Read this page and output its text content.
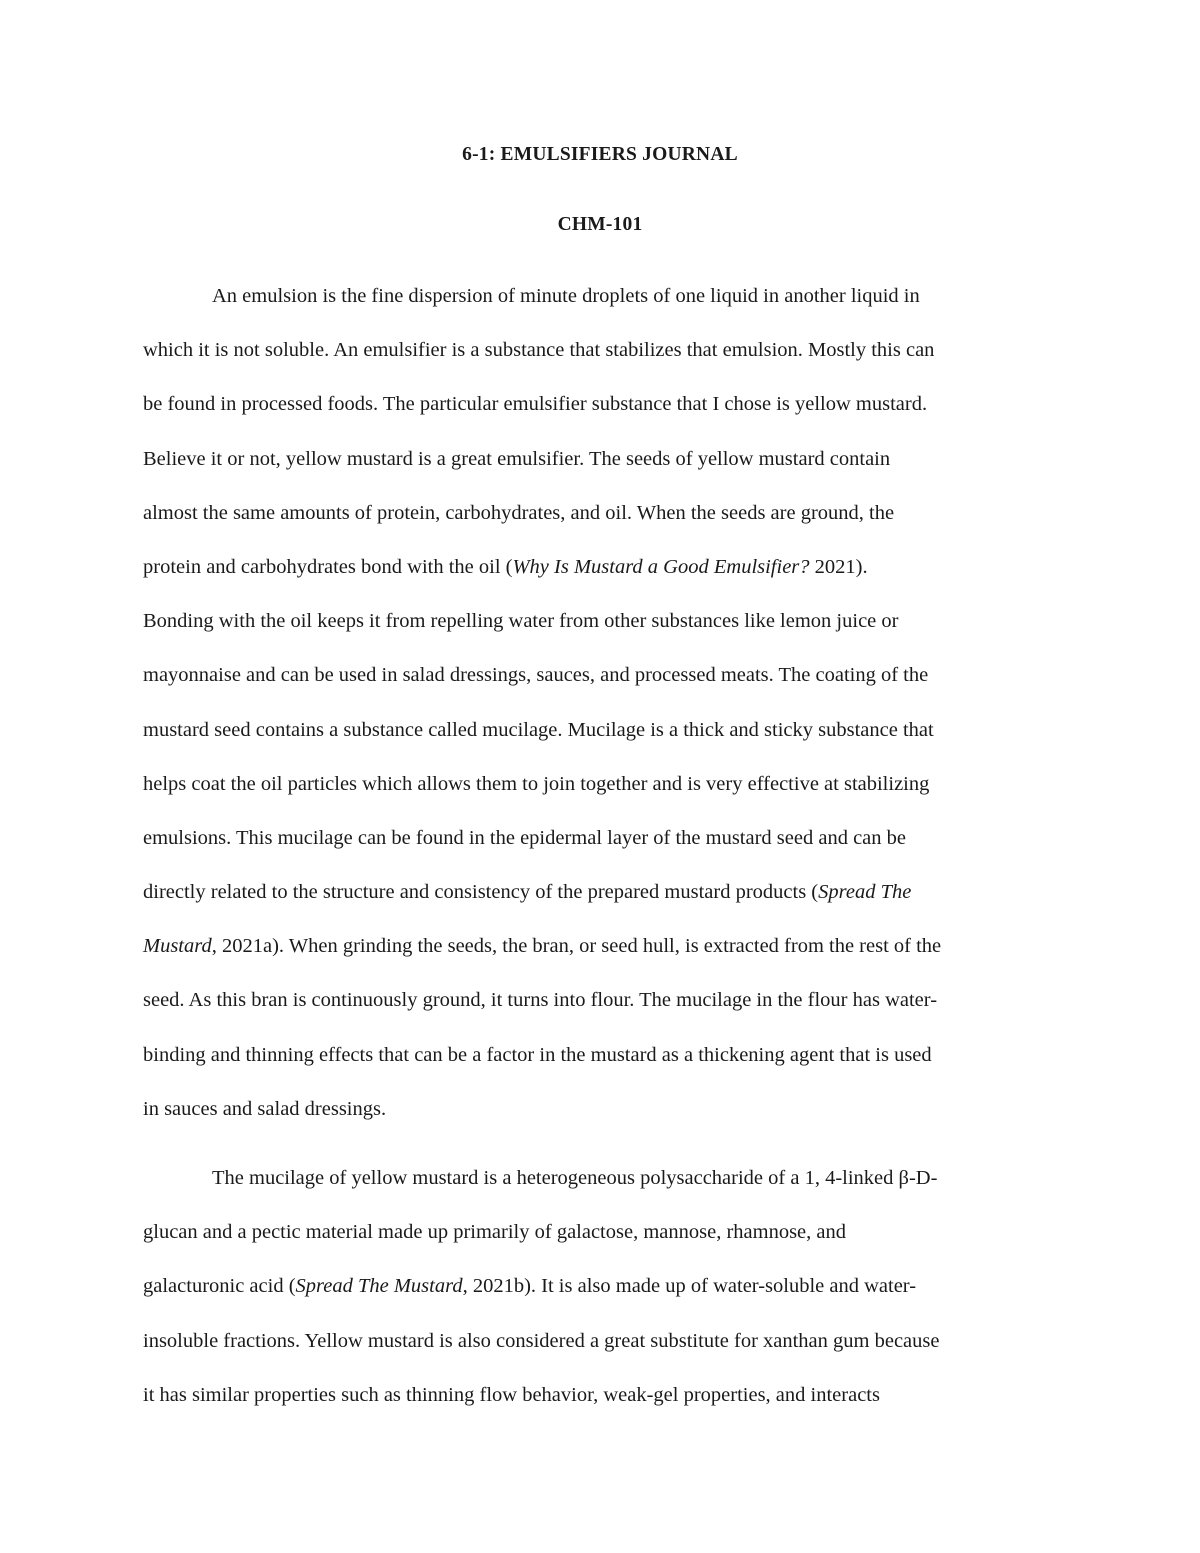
6-1: EMULSIFIERS JOURNAL
CHM-101
An emulsion is the fine dispersion of minute droplets of one liquid in another liquid in
which it is not soluble. An emulsifier is a substance that stabilizes that emulsion. Mostly this can
be found in processed foods. The particular emulsifier substance that I chose is yellow mustard.
Believe it or not, yellow mustard is a great emulsifier. The seeds of yellow mustard contain
almost the same amounts of protein, carbohydrates, and oil. When the seeds are ground, the
protein and carbohydrates bond with the oil (Why Is Mustard a Good Emulsifier? 2021).
Bonding with the oil keeps it from repelling water from other substances like lemon juice or
mayonnaise and can be used in salad dressings, sauces, and processed meats. The coating of the
mustard seed contains a substance called mucilage. Mucilage is a thick and sticky substance that
helps coat the oil particles which allows them to join together and is very effective at stabilizing
emulsions. This mucilage can be found in the epidermal layer of the mustard seed and can be
directly related to the structure and consistency of the prepared mustard products (Spread The
Mustard, 2021a). When grinding the seeds, the bran, or seed hull, is extracted from the rest of the
seed. As this bran is continuously ground, it turns into flour. The mucilage in the flour has water-
binding and thinning effects that can be a factor in the mustard as a thickening agent that is used
in sauces and salad dressings.
The mucilage of yellow mustard is a heterogeneous polysaccharide of a 1, 4-linked β-D-
glucan and a pectic material made up primarily of galactose, mannose, rhamnose, and
galacturonic acid (Spread The Mustard, 2021b). It is also made up of water-soluble and water-
insoluble fractions. Yellow mustard is also considered a great substitute for xanthan gum because
it has similar properties such as thinning flow behavior, weak-gel properties, and interacts
